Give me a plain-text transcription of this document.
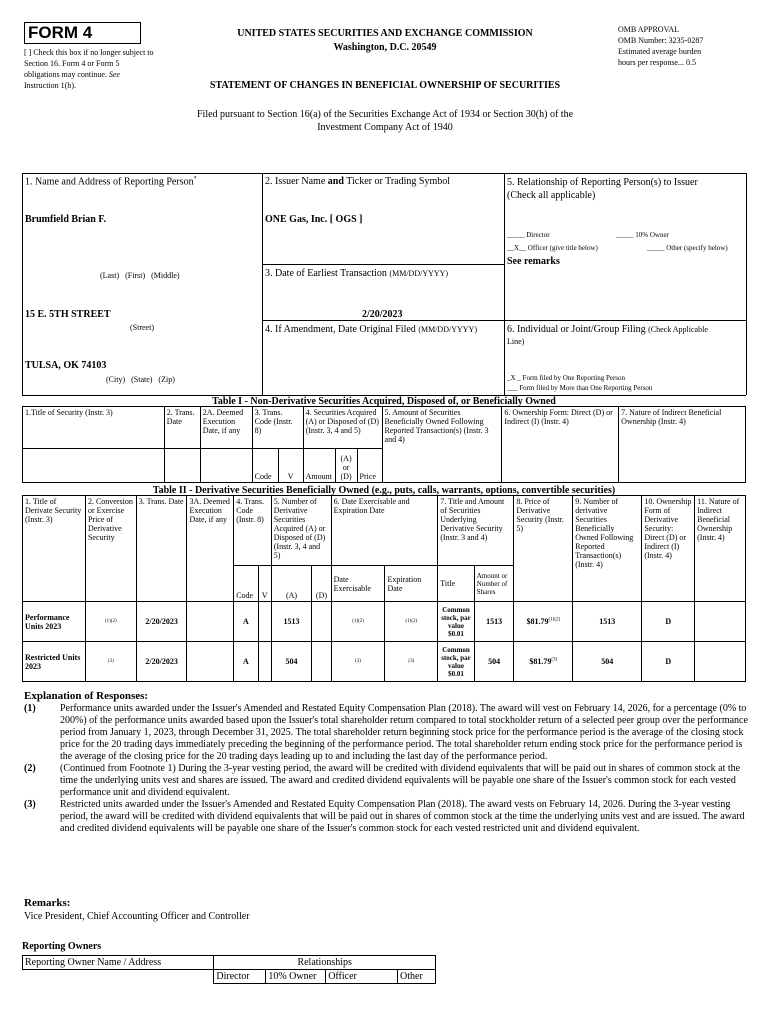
FORM 4
[ ] Check this box if no longer subject to Section 16. Form 4 or Form 5 obligations may continue. See Instruction 1(b).
UNITED STATES SECURITIES AND EXCHANGE COMMISSION
Washington, D.C. 20549
STATEMENT OF CHANGES IN BENEFICIAL OWNERSHIP OF SECURITIES
OMB APPROVAL
OMB Number: 3235-0287
Estimated average burden
hours per response... 0.5
Filed pursuant to Section 16(a) of the Securities Exchange Act of 1934 or Section 30(h) of the
Investment Company Act of 1940
1. Name and Address of Reporting Person*
Brumfield Brian F.
(Last)   (First)   (Middle)
15 E. 5TH STREET
(Street)
TULSA, OK 74103
(City)   (State)   (Zip)
2. Issuer Name and Ticker or Trading Symbol
ONE Gas, Inc. [ OGS ]
3. Date of Earliest Transaction (MM/DD/YYYY)
2/20/2023
4. If Amendment, Date Original Filed (MM/DD/YYYY)
5. Relationship of Reporting Person(s) to Issuer
(Check all applicable)
_____ Director	_____ 10% Owner
__X__ Officer (give title below)	_____ Other (specify below)
See remarks
6. Individual or Joint/Group Filing (Check Applicable
Line)
_X _ Form filed by One Reporting Person
___ Form filed by More than One Reporting Person
Table I - Non-Derivative Securities Acquired, Disposed of, or Beneficially Owned
1.Title of Security (Instr. 3)	2. Trans. Date	2A. Deemed Execution Date, if any	3. Trans. Code (Instr. 8)		4. Securities Acquired (A) or Disposed of (D) (Instr. 3, 4 and 5)			5. Amount of Securities Beneficially Owned Following Reported Transaction(s) (Instr. 3 and 4)	6. Ownership Form: Direct (D) or Indirect (I) (Instr. 4)	7. Nature of Indirect Beneficial Ownership (Instr. 4)
			Code	V	Amount	(A) or (D)	Price			
Table II - Derivative Securities Beneficially Owned (e.g., puts, calls, warrants, options, convertible securities)
1. Title of Derivate Security (Instr. 3)	2. Conversion or Exercise Price of Derivative Security	3. Trans. Date	3A. Deemed Execution Date, if any	4. Trans. Code (Instr. 8)		5. Number of Derivative Securities Acquired (A) or Disposed of (D) (Instr. 3, 4 and 5)		6. Date Exercisable and Expiration Date		7. Title and Amount of Securities Underlying Derivative Security (Instr. 3 and 4)		8. Price of Derivative Security (Instr. 5)	9. Number of derivative Securities Beneficially Owned Following Reported Transaction(s) (Instr. 4)	10. Ownership Form of Derivative Security: Direct (D) or Indirect (I) (Instr. 4)	11. Nature of Indirect Beneficial Ownership (Instr. 4)
				Code	V	(A)	(D)	Date Exercisable	Expiration Date	Title	Amount or Number of Shares				
Performance Units 2023	(1)(2)	2/20/2023		A		1513		(1)(2)	(1)(2)	Common stock, par value $0.01	1513	$\$81.79^{(1)(2)}$	1513	D	
Restricted Units 2023	(3)	2/20/2023		A		504		(3)	(3)	Common stock, par value $0.01	504	$81.79$^{(3)}$	504	D	
Explanation of Responses:
(1)	Performance units awarded under the Issuer's Amended and Restated Equity Compensation Plan (2018). The award will vest on February 14, 2026, for a percentage (0% to 200%) of the performance units awarded based upon the Issuer's total shareholder return compared to total stockholder return of a selected peer group over the performance period from January 1, 2023, through December 31, 2025. The total shareholder return beginning stock price for the performance period is the average of the closing stock price for the 20 trading days immediately preceding the beginning of the performance period. The total shareholder return ending stock price for the performance period is the average of the closing price for the 20 trading days leading up to and including the last day of the performance period.
(2)	(Continued from Footnote 1) During the 3-year vesting period, the award will be credited with dividend equivalents that will be paid out in shares of common stock at the time the underlying units vest and shares are issued. The award and credited dividend equivalents will be payable one share of the Issuer's common stock for each vested performance unit and dividend equivalent.
(3)	Restricted units awarded under the Issuer's Amended and Restated Equity Compensation Plan (2018). The award vests on February 14, 2026. During the 3-year vesting period, the award will be credited with dividend equivalents that will be paid out in shares of common stock at the time the underlying units vest and are issued. The award and credited dividend equivalents will be payable one share of the Issuer's common stock for each vested restricted unit and dividend equivalent.
Remarks:
Vice President, Chief Accounting Officer and Controller
Reporting Owners
Reporting Owner Name / Address	Relationships			
	Director	10% Owner	Officer	Other
